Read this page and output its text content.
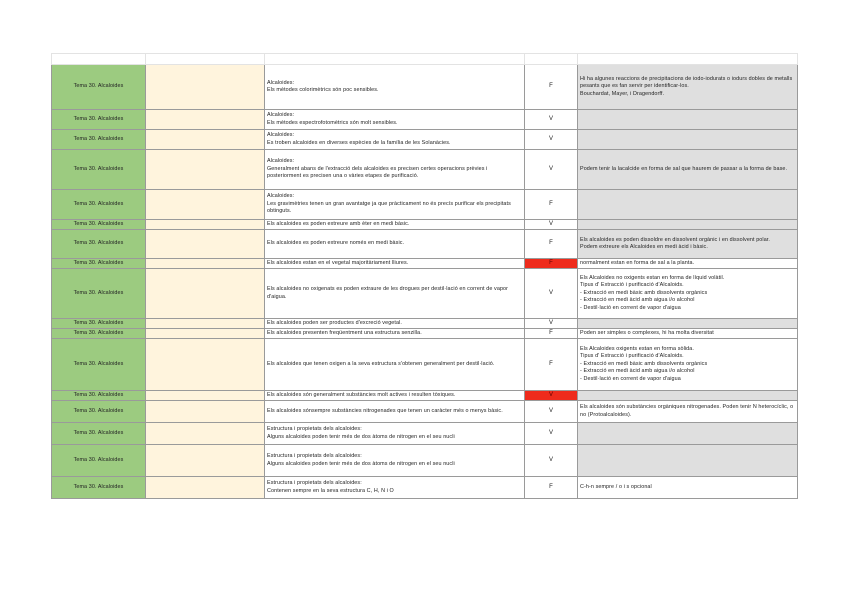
Tema 30. Alcaloides		Alcaloides:
Els mètodes colorimètrics són poc sensibles.	F	Hi ha algunes reaccions de precipitacions de iodo-iodurats o iodurs dobles de metalls pesants que es fan servir per identificar-los.
Bouchardat, Mayer, i Dragendorff.
Tema 30. Alcaloides		Alcaloides:
Els mètodes espectrofotomètrics són molt sensibles.	V	
Tema 30. Alcaloides		Alcaloides:
Es troben alcaloides en diverses espècies de la família de les Solanàcies.	V	
Tema 30. Alcaloides		Alcaloides:
Generalment abans de l'extracció dels alcaloides es precisen certes operacions prèvies i posteriorment es precisen una o vàries etapes de purificació.	V	Podem tenir la lacalcide en forma de sal que haurem de passar a la forma de base.
Tema 30. Alcaloides		Alcaloides:
Les gravimètries tenen un gran avantatge ja que pràcticament no és precís purificar els precipitats obtinguts.	F	
Tema 30. Alcaloides		Els alcaloides es poden extreure amb èter en medi bàsic.	V	
Tema 30. Alcaloides		Els alcaloides es poden extreure només en medi bàsic.	F	Els alcaloides es poden dissoldre en dissolvent orgànic i en dissolvent polar.
Podem extreure els Alcaloides en medi àcid i bàsic.
Tema 30. Alcaloides		Els alcaloides estan en el vegetal majoritàriament lliures.	F	normalment estan en forma de sal a la planta.
Tema 30. Alcaloides		Els alcaloides no oxigenats es poden extraure de les drogues per destil·lació en corrent de vapor d'aigua.	V	Els Alcaloides no oxigents estan en forma de líquid volàtil.
Tipus d' Extracció i purificació d'Alcaloids.
- Extracció en medi bàsic amb dissolvents orgànics
- Extracció en medi àcid amb aigua i/o alcohol
- Destil·lació en corrent de vapor d'aigua
Tema 30. Alcaloides		Els alcaloides poden ser productes d'excreció vegetal.	V	
Tema 30. Alcaloides		Els alcaloides presenten freqüentment una estructura senzilla.	F	Poden ser simples o complexes, hi ha molta diversitat
Tema 30. Alcaloides		Els alcaloides que tenen oxigen a la seva estructura s'obtenen generalment per destil·lació.	F	Els Alcaloides oxigents estan en forma sòlida.
Tipus d' Extracció i purificació d'Alcaloids.
- Extracció en medi bàsic amb dissolvents orgànics
- Extracció en medi àcid amb aigua i/o alcohol
- Destil·lació en corrent de vapor d'aigua
Tema 30. Alcaloides		Els alcaloides són generalment substàncies molt actives i resulten tòxiques.	V	
Tema 30. Alcaloides		Els alcaloides sónsempre substàncies nitrogenades que tenen un caràcter més o menys bàsic.	V	Els alcaloides són substàncies orgàniques nitrogenades. Poden tenir N heterocíclic, o no (Protoalcaloides).
Tema 30. Alcaloides		Estructura i propietats dels alcaloides:
Alguns alcaloides poden tenir més de dos àtoms de nitrogen en el seu nucli	V	
Tema 30. Alcaloides		Estructura i propietats dels alcaloides:
Alguns alcaloides poden tenir més de dos àtoms de nitrogen en el seu nucli	V	
Tema 30. Alcaloides		Estructura i propietats dels alcaloides:
Contenen sempre en la seva estructura C, H, N i O	F	C-h-n sempre / o i s opcional
